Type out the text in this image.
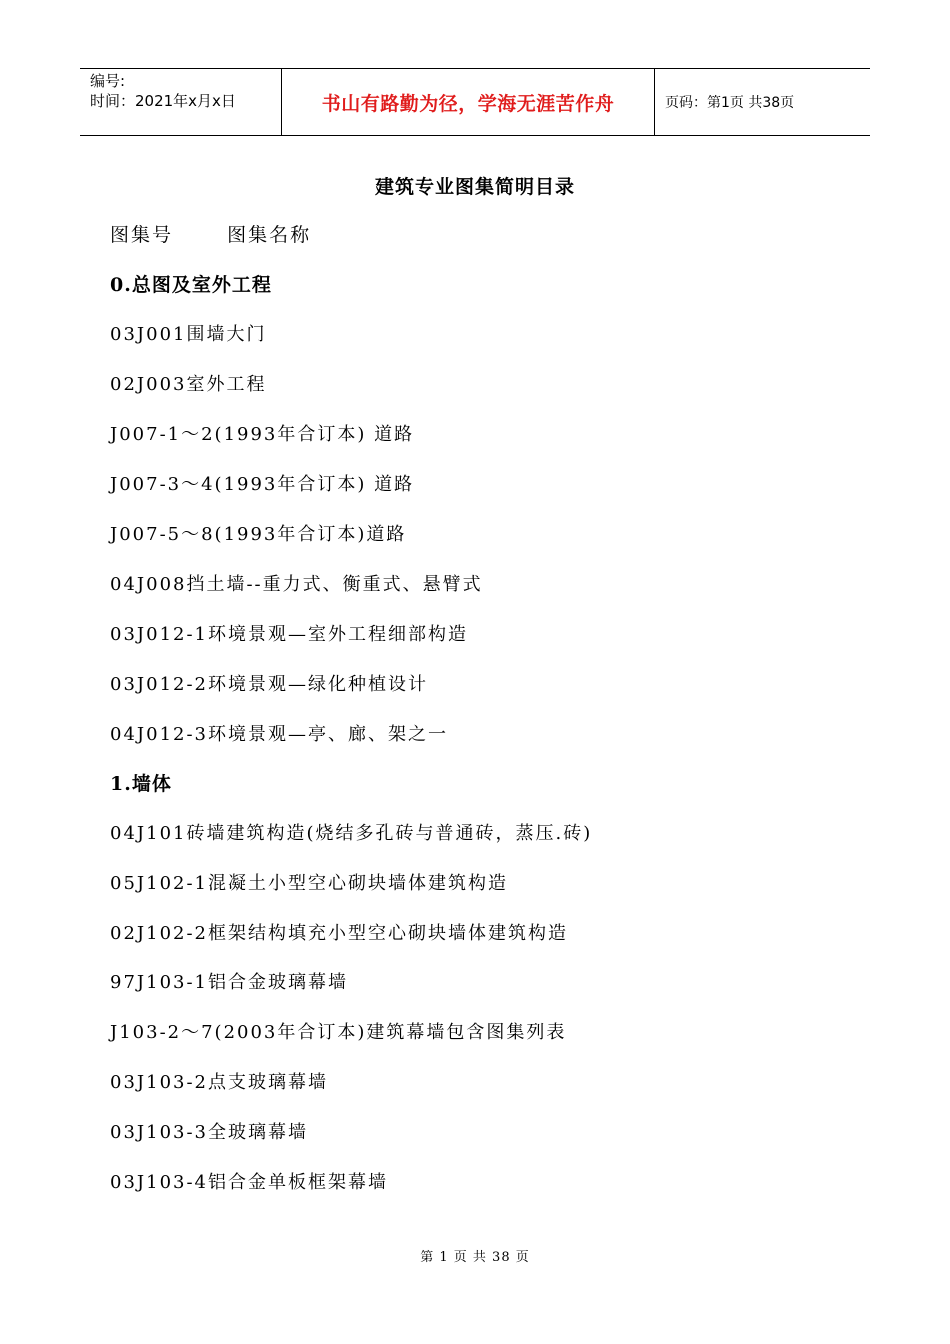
编号:
时间：2021年x月x日	书山有路勤为径，学海无涯苦作舟	页码：第1页 共38页
建筑专业图集简明目录
图集号	图集名称
0.总图及室外工程
03J001围墙大门
02J003室外工程
J007-1～2(1993年合订本) 道路
J007-3～4(1993年合订本) 道路
J007-5～8(1993年合订本)道路
04J008挡土墙--重力式、衡重式、悬臂式
03J012-1环境景观—室外工程细部构造
03J012-2环境景观—绿化种植设计
04J012-3环境景观—亭、廊、架之一
1.墙体
04J101砖墙建筑构造(烧结多孔砖与普通砖，蒸压.砖)
05J102-1混凝土小型空心砌块墙体建筑构造
02J102-2框架结构填充小型空心砌块墙体建筑构造
97J103-1铝合金玻璃幕墙
J103-2～7(2003年合订本)建筑幕墙包含图集列表
03J103-2点支玻璃幕墙
03J103-3全玻璃幕墙
03J103-4铝合金单板框架幕墙
第 1 页 共 38 页
